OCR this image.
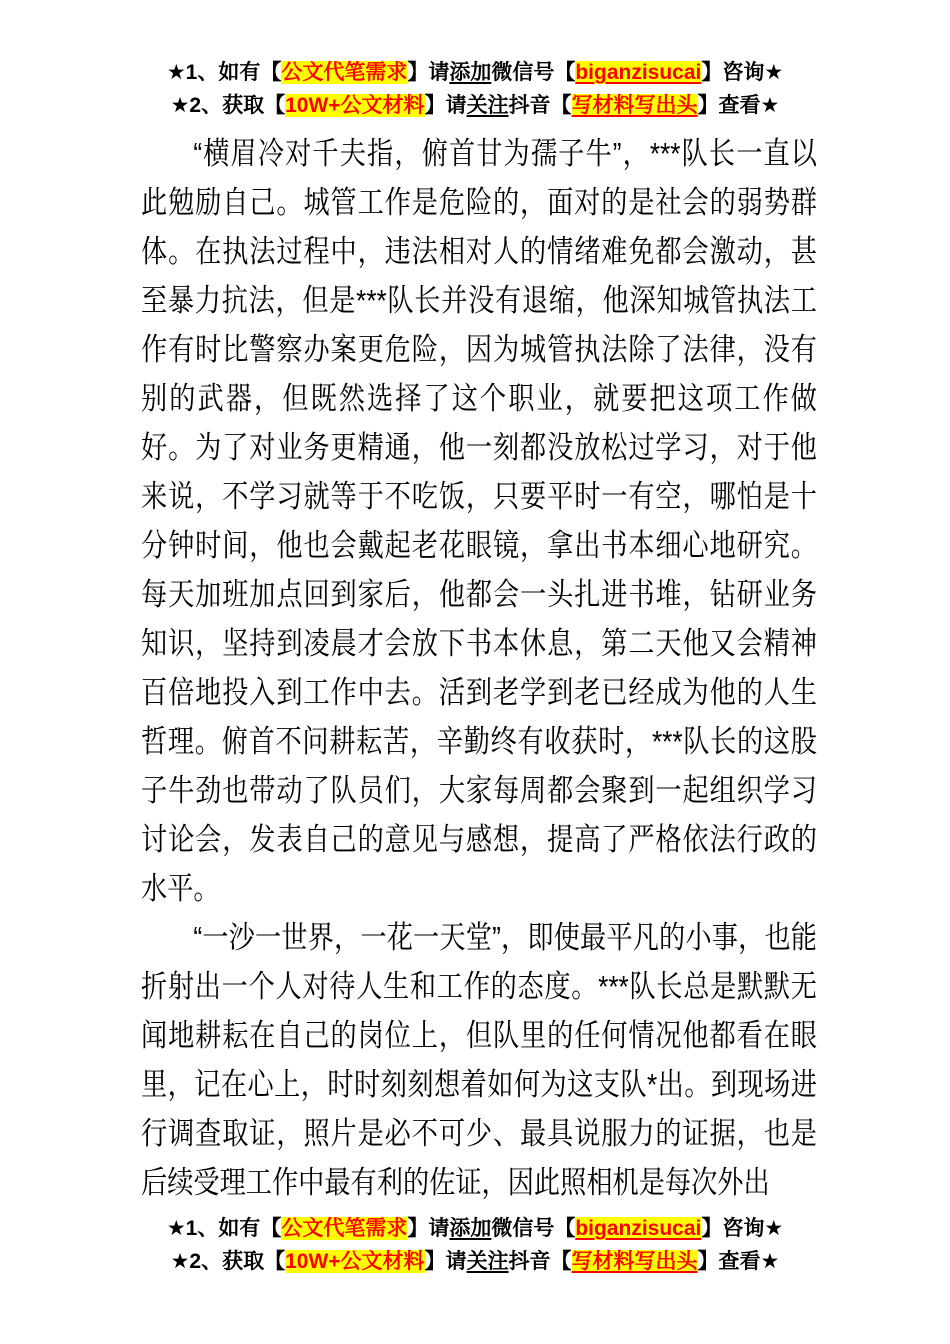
★1、如有【公文代笔需求】请添加微信号【biganzisucai】咨询★
★2、获取【10W+公文材料】请关注抖音【写材料写出头】查看★

“横眉冷对千夫指，俯首甘为孺子牛”，***队长一直以此勉励自己。城管工作是危险的，面对的是社会的弱势群体。在执法过程中，违法相对人的情绪难免都会激动，甚至暴力抗法，但是***队长并没有退缩，他深知城管执法工作有时比警察办案更危险，因为城管执法除了法律，没有别的武器，但既然选择了这个职业，就要把这项工作做好。为了对业务更精通，他一刻都没放松过学习，对于他来说，不学习就等于不吃饭，只要平时一有空，哪怕是十分钟时间，他也会戴起老花眼镜，拿出书本细心地研究。每天加班加点回到家后，他都会一头扎进书堆，钻研业务知识，坚持到凌晨才会放下书本休息，第二天他又会精神百倍地投入到工作中去。活到老学到老已经成为他的人生哲理。俯首不问耕耘苦，辛勤终有收获时，***队长的这股子牛劲也带动了队员们，大家每周都会聚到一起组织学习讨论会，发表自己的意见与感想，提高了严格依法行政的水平。

“一沙一世界，一花一天堂”，即使最平凡的小事，也能折射出一个人对待人生和工作的态度。***队长总是默默无闻地耕耘在自己的岗位上，但队里的任何情况他都看在眼里，记在心上，时时刻刻想着如何为这支队*出。到现场进行调查取证，照片是必不可少、最具说服力的证据，也是后续受理工作中最有利的佐证，因此照相机是每次外出

★1、如有【公文代笔需求】请添加微信号【biganzisucai】咨询★
★2、获取【10W+公文材料】请关注抖音【写材料写出头】查看★
